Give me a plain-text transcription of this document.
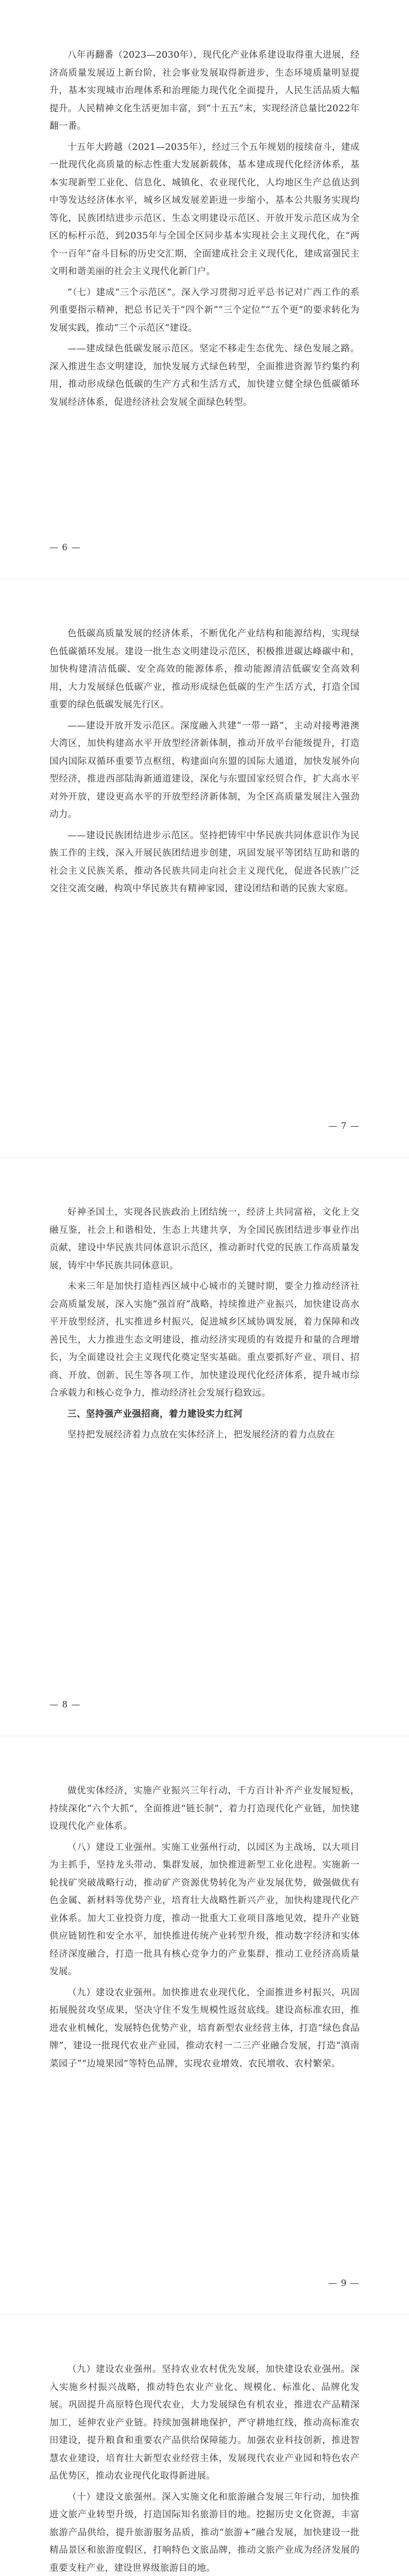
八年再翻番（2023—2030年），现代化产业体系建设取得重大进展，经济高质量发展迈上新台阶，社会事业发展取得新进步，生态环境质量明显提升，基本实现城市治理体系和治理能力现代化全面提升，人民生活品质大幅提升。人民精神文化生活更加丰富，到“十五五”末，实现经济总量比2022年翻一番。

十五年大跨越（2021—2035年），经过三个五年规划的接续奋斗，建成一批现代化高质量的标志性重大发展新载体，基本建成现代化经济体系，基本实现新型工业化、信息化、城镇化、农业现代化，人均地区生产总值达到中等发达经济体水平，城乡区域发展差距进一步缩小，基本公共服务实现均等化，民族团结进步示范区、生态文明建设示范区、开放开发示范区成为全区的标杆示范，到2035年与全国全区同步基本实现社会主义现代化，在“两个一百年”奋斗目标的历史交汇期，全面建成社会主义现代化，建成富强民主文明和谐美丽的社会主义现代化新门户。

”（七）建成“三个示范区”。深入学习贯彻习近平总书记对广西工作的系列重要指示精神，把总书记关于“四个新”“三个定位”“五个更”的要求转化为发展实践，推动“三个示范区”建设。

——建成绿色低碳发展示范区。坚定不移走生态优先、绿色发展之路。深入推进生态文明建设，加快发展方式绿色转型，全面推进资源节约集约利用，推动形成绿色低碳的生产方式和生活方式，加快建立健全绿色低碳循环发展经济体系，促进经济社会发展全面绿色转型。

— 6 —

色低碳高质量发展的经济体系，不断优化产业结构和能源结构，实现绿色低碳循环发展。建设一批生态文明建设示范区，积极推进碳达峰碳中和，加快构建清洁低碳、安全高效的能源体系，推动能源清洁低碳安全高效利用，大力发展绿色低碳产业，推动形成绿色低碳的生产生活方式，打造全国重要的绿色低碳发展先行区。

——建设开放开发示范区。深度融入共建“一带一路”，主动对接粤港澳大湾区，加快构建高水平开放型经济新体制，推动开放平台能级提升，打造国内国际双循环重要节点枢纽，构建面向东盟的国际大通道，加快发展外向型经济，推进西部陆海新通道建设，深化与东盟国家经贸合作，扩大高水平对外开放，建设更高水平的开放型经济新体制，为全区高质量发展注入强劲动力。

——建设民族团结进步示范区。坚持把铸牢中华民族共同体意识作为民族工作的主线，深入开展民族团结进步创建，巩固发展平等团结互助和谐的社会主义民族关系，推动各民族共同走向社会主义现代化，促进各民族广泛交往交流交融，构筑中华民族共有精神家园，建设团结和谐的民族大家庭。

— 7 —

好神圣国土，实现各民族政治上团结统一，经济上共同富裕，文化上交融互鉴，社会上和谐相处，生态上共建共享，为全国民族团结进步事业作出贡献，建设中华民族共同体意识示范区，推动新时代党的民族工作高质量发展，铸牢中华民族共同体意识。

未来三年是加快打造桂西区域中心城市的关键时期，要全力推动经济社会高质量发展，深入实施“强首府”战略，持续推进产业振兴，加快建设高水平开放型经济，扎实推进乡村振兴，促进城乡区域协调发展，着力保障和改善民生，大力推进生态文明建设，推动经济实现质的有效提升和量的合理增长，为全面建设社会主义现代化奠定坚实基础。重点要抓好产业、项目、招商、开放、创新、民生等各项工作，加快建设现代化经济体系，提升城市综合承载力和核心竞争力，推动经济社会发展行稳致远。

三、坚持强产业强招商，着力建设实力红河

坚持把发展经济着力点放在实体经济上，把发展经济的着力点放在

— 8 —

做优实体经济，实施产业振兴三年行动，千方百计补齐产业发展短板，持续深化“六个大抓”，全面推进“链长制”，着力打造现代化产业链，加快建设现代化产业体系。

（八）建设工业强州。实施工业强州行动，以园区为主战场，以大项目为主抓手，坚持龙头带动、集群发展，加快推进新型工业化进程。实施新一轮找矿突破战略行动，推动矿产资源优势转化为产业发展优势，做强做优有色金属、新材料等优势产业，培育壮大战略性新兴产业，加快构建现代化产业体系。加大工业投资力度，推动一批重大工业项目落地见效，提升产业链供应链韧性和安全水平，加快推进传统产业转型升级，推动数字经济和实体经济深度融合，打造一批具有核心竞争力的产业集群，推动工业经济高质量发展。

（九）建设农业强州。加快推进农业现代化，全面推进乡村振兴，巩固拓展脱贫攻坚成果，坚决守住不发生规模性返贫底线。建设高标准农田，推进农业机械化，发展特色优势产业，培育新型农业经营主体，打造“绿色食品牌”，建设一批现代农业产业园，推动农村一二三产业融合发展，打造“滇南菜园子”“边境果园”等特色品牌，实现农业增效、农民增收、农村繁荣。

— 9 —

（九）建设农业强州。坚持农业农村优先发展，加快建设农业强州。深入实施乡村振兴战略，推动特色农业产业化、规模化、标准化、品牌化发展。巩固提升高原特色现代农业，大力发展绿色有机农业，推进农产品精深加工，延伸农业产业链。持续加强耕地保护，严守耕地红线，推动高标准农田建设，提升粮食和重要农产品供给保障能力。加强农业科技创新，推进智慧农业建设，培育壮大新型农业经营主体，发展现代农业产业园和特色农产品优势区，推动农业现代化取得新进展。

（十）建设文旅强州。深入实施文化和旅游融合发展三年行动，加快推进文旅产业转型升级，打造国际知名旅游目的地。挖掘历史文化资源，丰富旅游产品供给，提升旅游服务品质，推动“旅游+”融合发展，加快建设一批精品景区和旅游度假区，打响特色文旅品牌，推动文旅产业成为经济发展的重要支柱产业，建设世界级旅游目的地。
